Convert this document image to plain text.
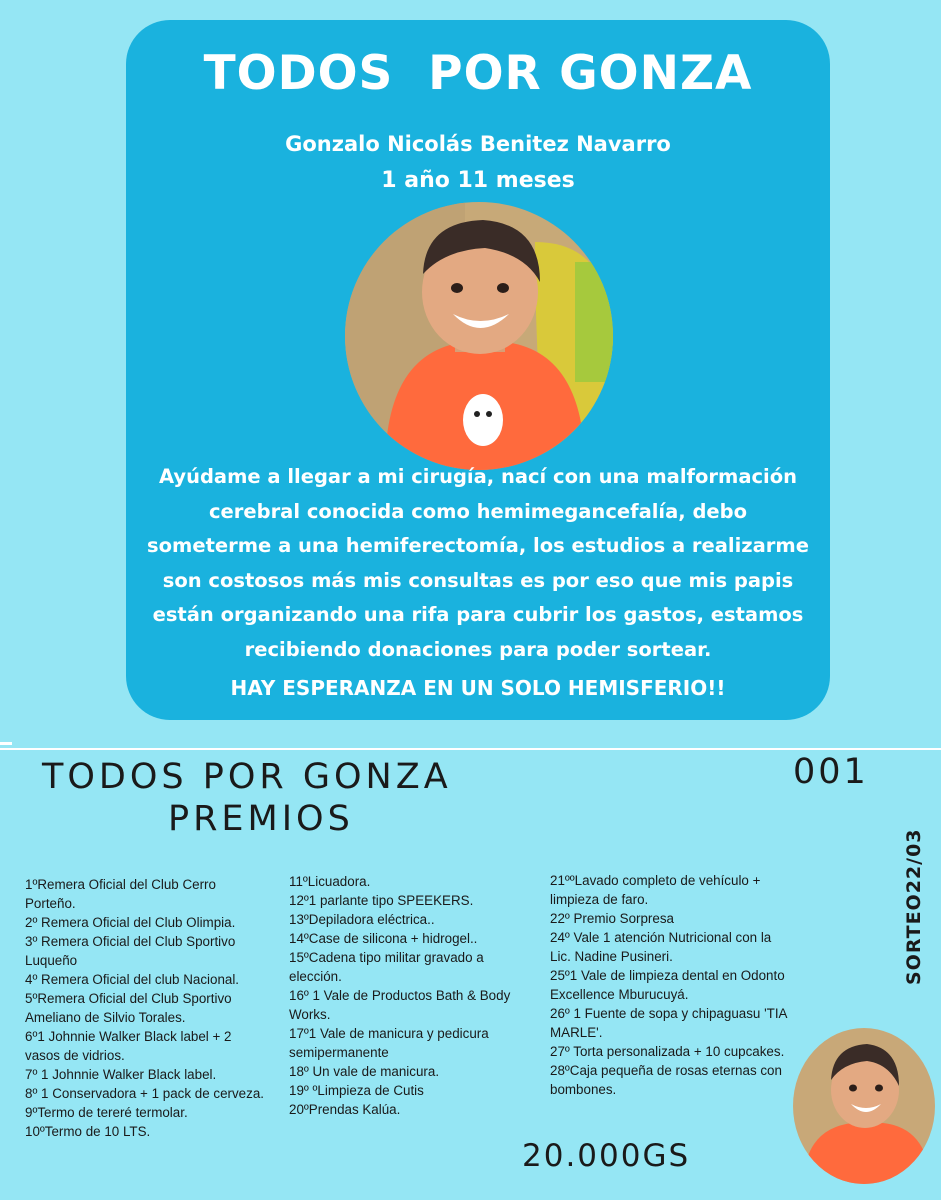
TODOS  POR GONZA
Gonzalo Nicolás Benitez Navarro
1 año 11 meses
Ayúdame a llegar a mi cirugía, nací con una malformación cerebral conocida como hemimegancefalía, debo someterme a una hemiferectomía, los estudios a realizarme son costosos más mis consultas es por eso que mis papis están organizando una rifa para cubrir los gastos, estamos recibiendo donaciones para poder sortear.
HAY ESPERANZA EN UN SOLO HEMISFERIO!!
TODOS POR GONZA
PREMIOS
001
SORTEO22/03
1ºRemera Oficial del Club Cerro Porteño.
2º Remera Oficial del Club Olimpia.
3º Remera Oficial del Club Sportivo Luqueño
4º Remera Oficial del club Nacional.
5ºRemera Oficial del Club Sportivo Ameliano de Silvio Torales.
6º1 Johnnie Walker Black label + 2 vasos de vidrios.
7º 1 Johnnie Walker Black label.
8º 1 Conservadora + 1 pack de cerveza.
9ºTermo de tereré termolar.
10ºTermo de 10 LTS.
11ºLicuadora.
12º1 parlante tipo SPEEKERS.
13ºDepiladora eléctrica..
14ºCase de silicona + hidrogel..
15ºCadena tipo militar gravado a elección.
16º 1 Vale de Productos Bath & Body Works.
17º1 Vale de manicura y pedicura semipermanente
18º Un vale de manicura.
19º ºLimpieza de Cutis
20ºPrendas Kalúa.
21ººLavado completo de vehículo + limpieza de faro.
22º Premio Sorpresa
24º Vale 1 atención Nutricional con la Lic. Nadine Pusineri.
25º1 Vale de limpieza dental en Odonto Excellence Mburucuyá.
26º 1 Fuente de sopa y chipaguasu 'TIA MARLE'.
27º Torta personalizada + 10 cupcakes.
28ºCaja pequeña de rosas eternas con bombones.
20.000GS
